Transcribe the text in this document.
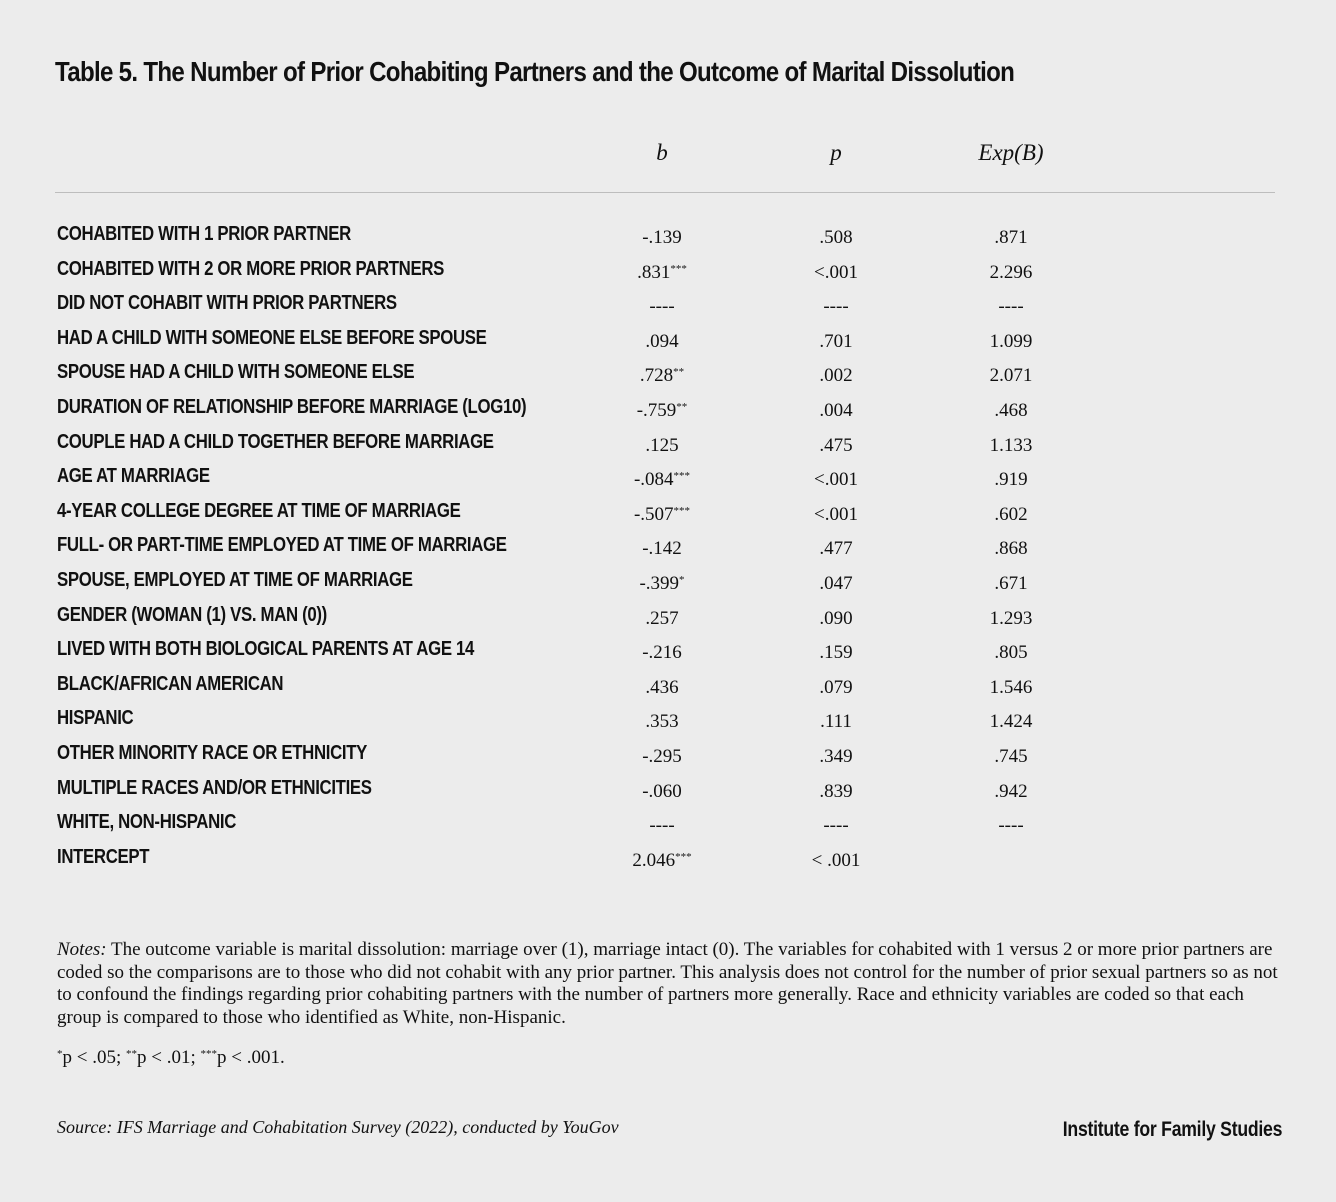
Table 5. The Number of Prior Cohabiting Partners and the Outcome of Marital Dissolution
b	p	Exp(B)
COHABITED WITH 1 PRIOR PARTNER	-.139	.508	.871
COHABITED WITH 2 OR MORE PRIOR PARTNERS	.831***	<.001	2.296
DID NOT COHABIT WITH PRIOR PARTNERS	----	----	----
HAD A CHILD WITH SOMEONE ELSE BEFORE SPOUSE	.094	.701	1.099
SPOUSE HAD A CHILD WITH SOMEONE ELSE	.728**	.002	2.071
DURATION OF RELATIONSHIP BEFORE MARRIAGE (LOG10)	-.759**	.004	.468
COUPLE HAD A CHILD TOGETHER BEFORE MARRIAGE	.125	.475	1.133
AGE AT MARRIAGE	-.084***	<.001	.919
4-YEAR COLLEGE DEGREE AT TIME OF MARRIAGE	-.507***	<.001	.602
FULL- OR PART-TIME EMPLOYED AT TIME OF MARRIAGE	-.142	.477	.868
SPOUSE, EMPLOYED AT TIME OF MARRIAGE	-.399*	.047	.671
GENDER (WOMAN (1) VS. MAN (0))	.257	.090	1.293
LIVED WITH BOTH BIOLOGICAL PARENTS AT AGE 14	-.216	.159	.805
BLACK/AFRICAN AMERICAN	.436	.079	1.546
HISPANIC	.353	.111	1.424
OTHER MINORITY RACE OR ETHNICITY	-.295	.349	.745
MULTIPLE RACES AND/OR ETHNICITIES	-.060	.839	.942
WHITE, NON-HISPANIC	----	----	----
INTERCEPT	2.046***	< .001

Notes: The outcome variable is marital dissolution: marriage over (1), marriage intact (0). The variables for cohabited with 1 versus 2 or more prior partners are coded so the comparisons are to those who did not cohabit with any prior partner. This analysis does not control for the number of prior sexual partners so as not to confound the findings regarding prior cohabiting partners with the number of partners more generally. Race and ethnicity variables are coded so that each group is compared to those who identified as White, non-Hispanic.

*p < .05; **p < .01; ***p < .001.

Source: IFS Marriage and Cohabitation Survey (2022), conducted by YouGov	Institute for Family Studies
